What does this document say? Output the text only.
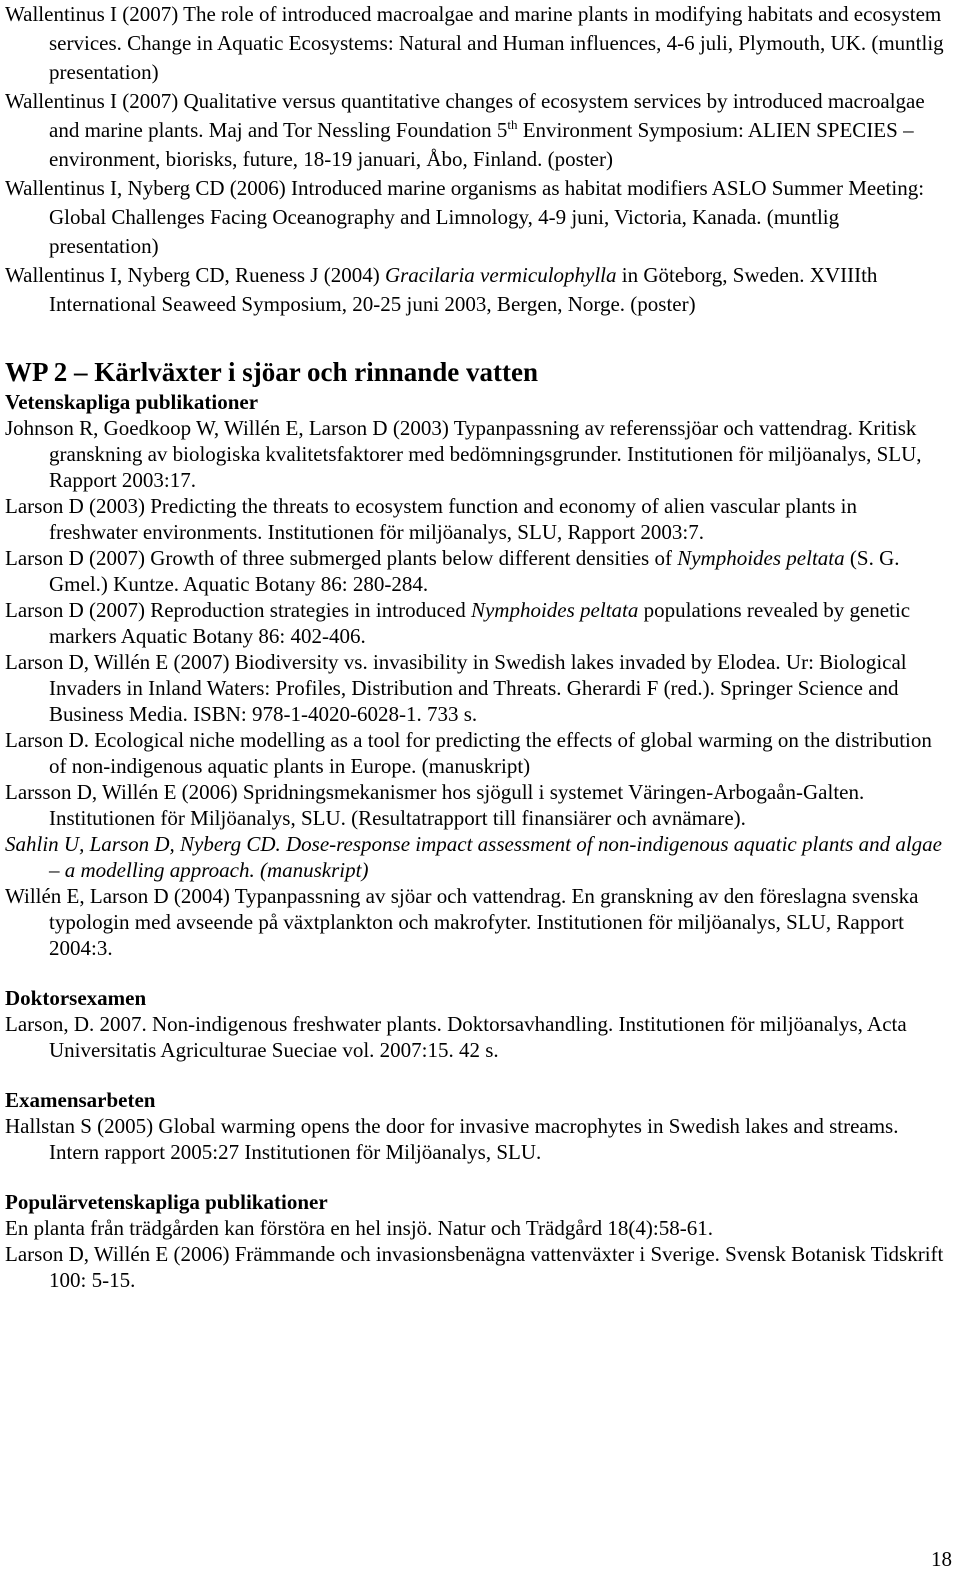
Wallentinus I (2007) The role of introduced macroalgae and marine plants in modifying habitats and ecosystem services. Change in Aquatic Ecosystems: Natural and Human influences, 4-6 juli, Plymouth, UK. (muntlig presentation)

Wallentinus I (2007) Qualitative versus quantitative changes of ecosystem services by introduced macroalgae and marine plants. Maj and Tor Nessling Foundation 5th Environment Symposium: ALIEN SPECIES – environment, biorisks, future, 18-19 januari, Åbo, Finland. (poster)

Wallentinus I, Nyberg CD (2006) Introduced marine organisms as habitat modifiers ASLO Summer Meeting: Global Challenges Facing Oceanography and Limnology, 4-9 juni, Victoria, Kanada. (muntlig presentation)

Wallentinus I, Nyberg CD, Rueness J (2004) Gracilaria vermiculophylla in Göteborg, Sweden. XVIIIth International Seaweed Symposium, 20-25 juni 2003, Bergen, Norge. (poster)

WP 2 – Kärlväxter i sjöar och rinnande vatten
Vetenskapliga publikationer

Johnson R, Goedkoop W, Willén E, Larson D (2003) Typanpassning av referenssjöar och vattendrag. Kritisk granskning av biologiska kvalitetsfaktorer med bedömningsgrunder. Institutionen för miljöanalys, SLU, Rapport 2003:17.

Larson D (2003) Predicting the threats to ecosystem function and economy of alien vascular plants in freshwater environments. Institutionen för miljöanalys, SLU, Rapport 2003:7.

Larson D (2007) Growth of three submerged plants below different densities of Nymphoides peltata (S. G. Gmel.) Kuntze. Aquatic Botany 86: 280-284.

Larson D (2007) Reproduction strategies in introduced Nymphoides peltata populations revealed by genetic markers Aquatic Botany 86: 402-406.

Larson D, Willén E (2007) Biodiversity vs. invasibility in Swedish lakes invaded by Elodea. Ur: Biological Invaders in Inland Waters: Profiles, Distribution and Threats. Gherardi F (red.). Springer Science and Business Media. ISBN: 978-1-4020-6028-1. 733 s.

Larson D. Ecological niche modelling as a tool for predicting the effects of global warming on the distribution of non-indigenous aquatic plants in Europe. (manuskript)

Larsson D, Willén E (2006) Spridningsmekanismer hos sjögull i systemet Väringen-Arbogaån-Galten. Institutionen för Miljöanalys, SLU. (Resultatrapport till finansiärer och avnämare).

Sahlin U, Larson D, Nyberg CD. Dose-response impact assessment of non-indigenous aquatic plants and algae – a modelling approach. (manuskript)

Willén E, Larson D (2004) Typanpassning av sjöar och vattendrag. En granskning av den föreslagna svenska typologin med avseende på växtplankton och makrofyter. Institutionen för miljöanalys, SLU, Rapport 2004:3.

Doktorsexamen

Larson, D. 2007. Non-indigenous freshwater plants. Doktorsavhandling. Institutionen för miljöanalys, Acta Universitatis Agriculturae Sueciae vol. 2007:15. 42 s.

Examensarbeten

Hallstan S (2005) Global warming opens the door for invasive macrophytes in Swedish lakes and streams. Intern rapport 2005:27 Institutionen för Miljöanalys, SLU.

Populärvetenskapliga publikationer

En planta från trädgården kan förstöra en hel insjö. Natur och Trädgård 18(4):58-61.

Larson D, Willén E (2006) Främmande och invasionsbenägna vattenväxter i Sverige. Svensk Botanisk Tidskrift 100: 5-15.

18
